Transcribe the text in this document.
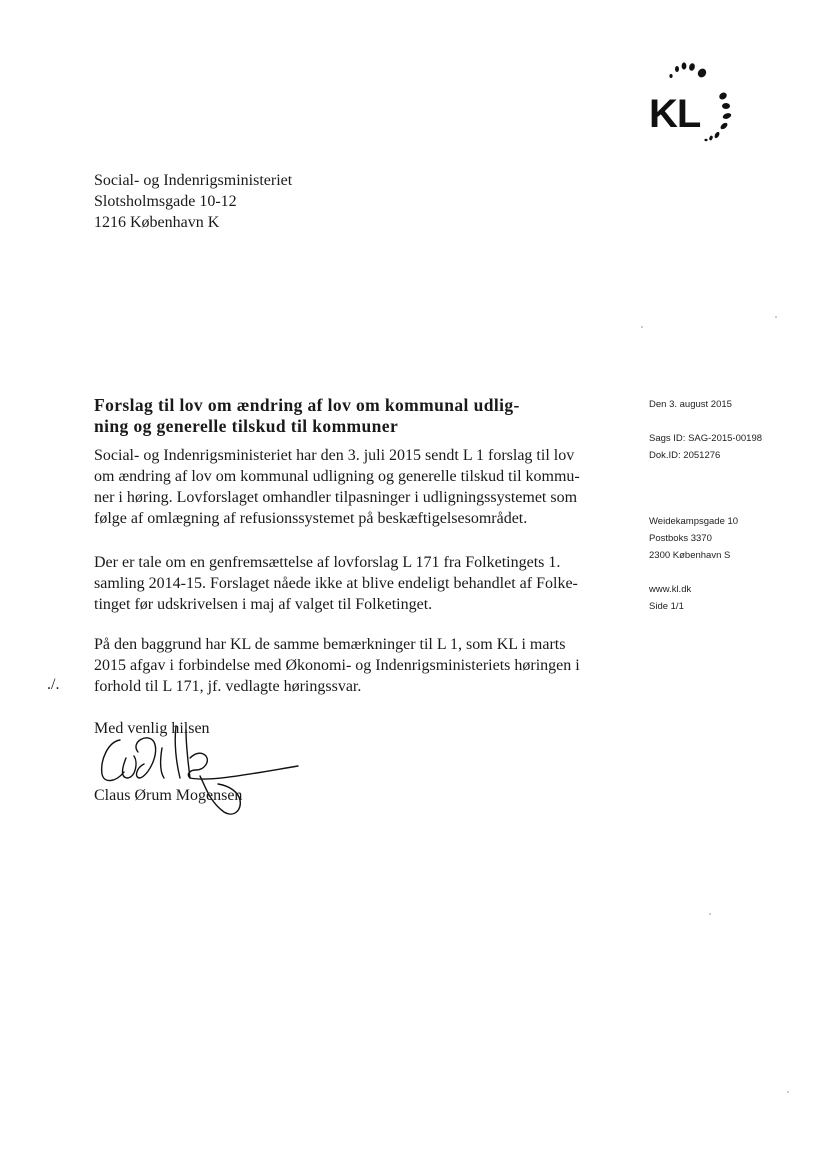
KL
Social- og Indenrigsministeriet
Slotsholmsgade 10-12
1216 København K
Forslag til lov om ændring af lov om kommunal udlig-
ning og generelle tilskud til kommuner
Social- og Indenrigsministeriet har den 3. juli 2015 sendt L 1 forslag til lov
om ændring af lov om kommunal udligning og generelle tilskud til kommu-
ner i høring. Lovforslaget omhandler tilpasninger i udligningssystemet som
følge af omlægning af refusionssystemet på beskæftigelsesområdet.
Der er tale om en genfremsættelse af lovforslag L 171 fra Folketingets 1.
samling 2014-15. Forslaget nåede ikke at blive endeligt behandlet af Folke-
tinget før udskrivelsen i maj af valget til Folketinget.
På den baggrund har KL de samme bemærkninger til L 1, som KL i marts
2015 afgav i forbindelse med Økonomi- og Indenrigsministeriets høringen i
forhold til L 171, jf. vedlagte høringssvar.
./.
Med venlig hilsen
Claus Ørum Mogensen
Den 3. august 2015
Sags ID: SAG-2015-00198
Dok.ID: 2051276
Weidekampsgade 10
Postboks 3370
2300 København S
www.kl.dk
Side 1/1
